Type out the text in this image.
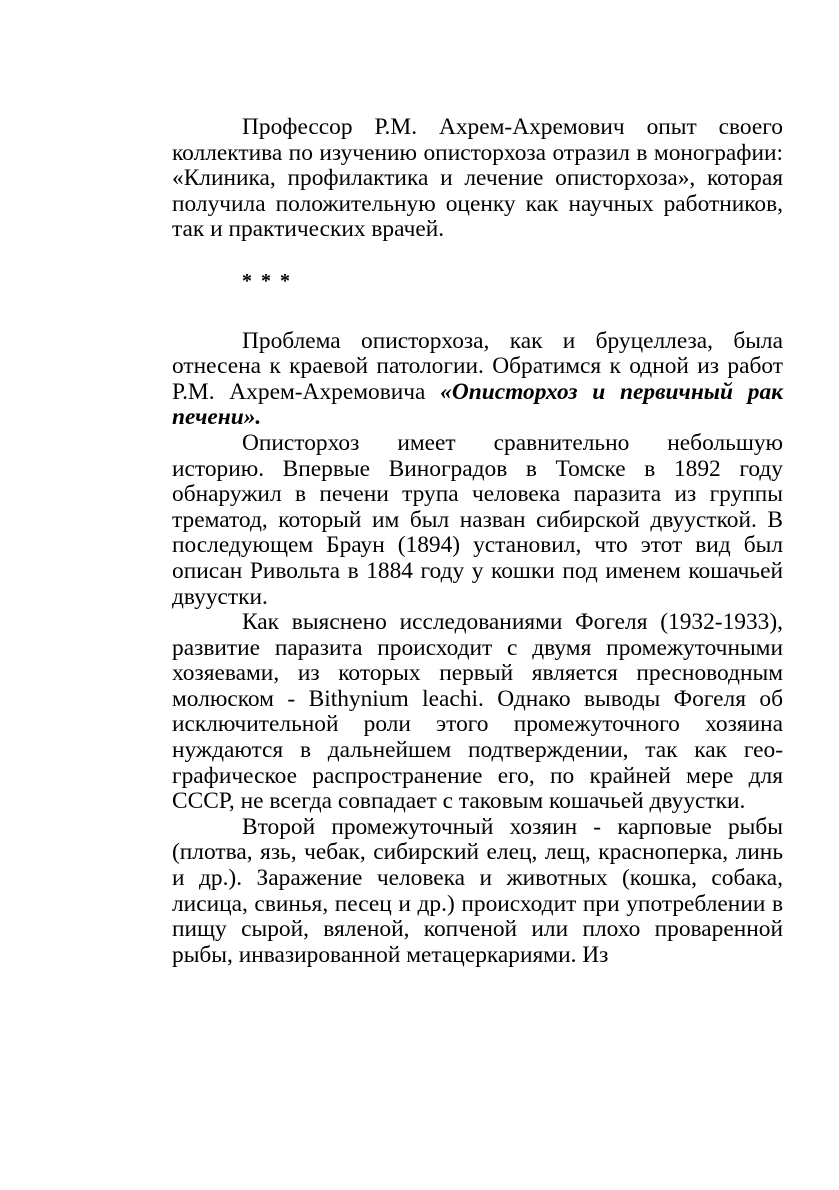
Профессор Р.М. Ахрем-Ахремович опыт своего коллектива по изучению описторхоза отразил в монографии: «Клиника, профилактика и лечение описторхоза», которая получила положительную оценку как научных работников, так и практических врачей.

* * *

Проблема описторхоза, как и бруцеллеза, была отнесена к краевой патологии. Обратимся к одной из работ Р.М. Ахрем-Ахремовича «Описторхоз и первичный рак печени».

Описторхоз имеет сравнительно небольшую историю. Впервые Виноградов в Томске в 1892 году обнаружил в печени трупа человека паразита из группы трематод, который им был назван сибирской двуусткой. В последующем Браун (1894) установил, что этот вид был описан Ривольта в 1884 году у кошки под именем кошачьей двуустки.

Как выяснено исследованиями Фогеля (1932-1933), развитие паразита происходит с двумя промежуточными хозяевами, из которых первый является пресноводным молюском - Bithynium leachi. Однако выводы Фогеля об исключительной роли этого промежуточного хозяина нуждаются в дальнейшем подтверждении, так как географическое распространение его, по крайней мере для СССР, не всегда совпадает с таковым кошачьей двуустки.

Второй промежуточный хозяин - карповые рыбы (плотва, язь, чебак, сибирский елец, лещ, красноперка, линь и др.). Заражение человека и животных (кошка, собака, лисица, свинья, песец и др.) происходит при употреблении в пищу сырой, вяленой, копченой или плохо проваренной рыбы, инвазированной метацеркариями. Из
